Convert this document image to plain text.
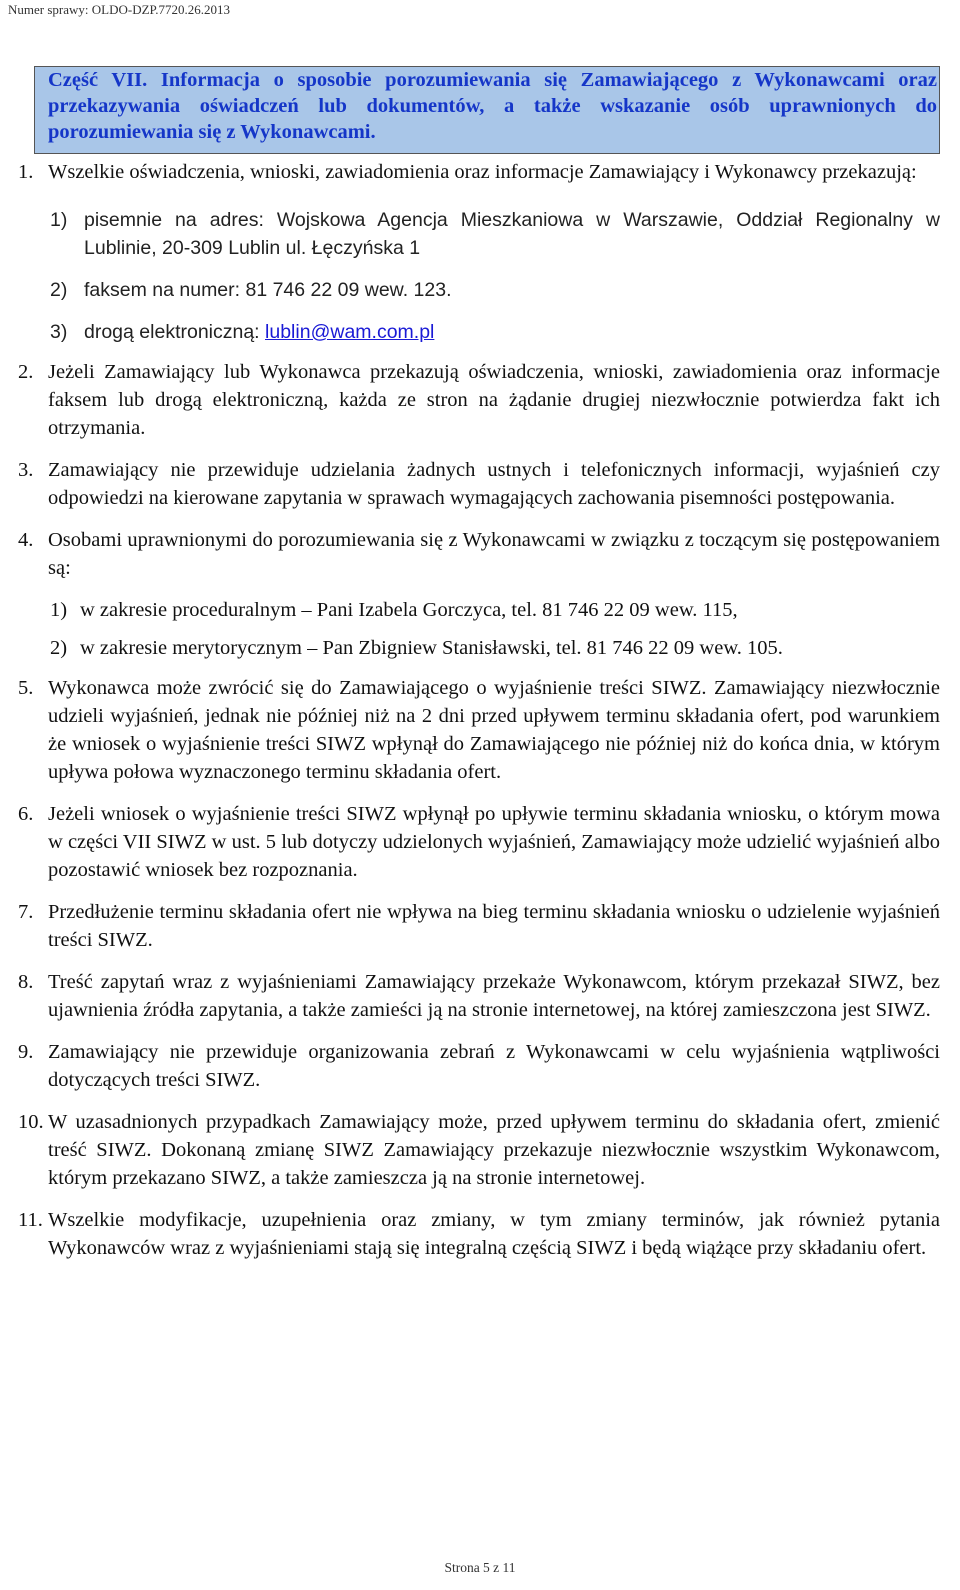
Numer sprawy: OLDO-DZP.7720.26.2013
Część VII. Informacja o sposobie porozumiewania się Zamawiającego z Wykonawcami oraz przekazywania oświadczeń lub dokumentów, a także wskazanie osób uprawnionych do porozumiewania się z Wykonawcami.
1. Wszelkie oświadczenia, wnioski, zawiadomienia oraz informacje Zamawiający i Wykonawcy przekazują:
1) pisemnie na adres: Wojskowa Agencja Mieszkaniowa w Warszawie, Oddział Regionalny w Lublinie, 20-309 Lublin ul. Łęczyńska 1
2) faksem na numer: 81 746 22 09 wew. 123.
3) drogą elektroniczną: lublin@wam.com.pl
2. Jeżeli Zamawiający lub Wykonawca przekazują oświadczenia, wnioski, zawiadomienia oraz informacje faksem lub drogą elektroniczną, każda ze stron na żądanie drugiej niezwłocznie potwierdza fakt ich otrzymania.
3. Zamawiający nie przewiduje udzielania żadnych ustnych i telefonicznych informacji, wyjaśnień czy odpowiedzi na kierowane zapytania w sprawach wymagających zachowania pisemności postępowania.
4. Osobami uprawnionymi do porozumiewania się z Wykonawcami w związku z toczącym się postępowaniem są:
1) w zakresie proceduralnym – Pani Izabela Gorczyca, tel. 81 746 22 09 wew. 115,
2) w zakresie merytorycznym – Pan Zbigniew Stanisławski, tel. 81 746 22 09 wew. 105.
5. Wykonawca może zwrócić się do Zamawiającego o wyjaśnienie treści SIWZ. Zamawiający niezwłocznie udzieli wyjaśnień, jednak nie później niż na 2 dni przed upływem terminu składania ofert, pod warunkiem że wniosek o wyjaśnienie treści SIWZ wpłynął do Zamawiającego nie później niż do końca dnia, w którym upływa połowa wyznaczonego terminu składania ofert.
6. Jeżeli wniosek o wyjaśnienie treści SIWZ wpłynął po upływie terminu składania wniosku, o którym mowa w części VII SIWZ w ust. 5 lub dotyczy udzielonych wyjaśnień, Zamawiający może udzielić wyjaśnień albo pozostawić wniosek bez rozpoznania.
7. Przedłużenie terminu składania ofert nie wpływa na bieg terminu składania wniosku o udzielenie wyjaśnień treści SIWZ.
8. Treść zapytań wraz z wyjaśnieniami Zamawiający przekaże Wykonawcom, którym przekazał SIWZ, bez ujawnienia źródła zapytania, a także zamieści ją na stronie internetowej, na której zamieszczona jest SIWZ.
9. Zamawiający nie przewiduje organizowania zebrań z Wykonawcami w celu wyjaśnienia wątpliwości dotyczących treści SIWZ.
10. W uzasadnionych przypadkach Zamawiający może, przed upływem terminu do składania ofert, zmienić treść SIWZ. Dokonaną zmianę SIWZ Zamawiający przekazuje niezwłocznie wszystkim Wykonawcom, którym przekazano SIWZ, a także zamieszcza ją na stronie internetowej.
11. Wszelkie modyfikacje, uzupełnienia oraz zmiany, w tym zmiany terminów, jak również pytania Wykonawców wraz z wyjaśnieniami stają się integralną częścią SIWZ i będą wiążące przy składaniu ofert.
Strona 5 z 11
